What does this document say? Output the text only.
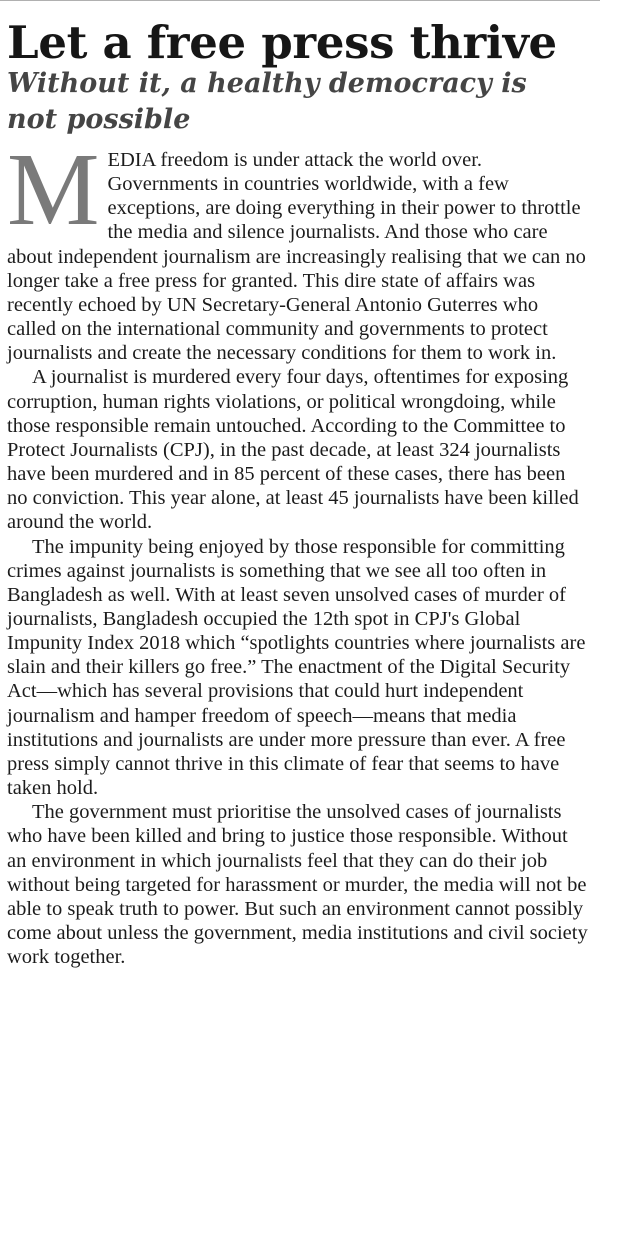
Let a free press thrive
Without it, a healthy democracy is not possible

MEDIA freedom is under attack the world over. Governments in countries worldwide, with a few exceptions, are doing everything in their power to throttle the media and silence journalists. And those who care about independent journalism are increasingly realising that we can no longer take a free press for granted. This dire state of affairs was recently echoed by UN Secretary-General Antonio Guterres who called on the international community and governments to protect journalists and create the necessary conditions for them to work in.

A journalist is murdered every four days, oftentimes for exposing corruption, human rights violations, or political wrongdoing, while those responsible remain untouched. According to the Committee to Protect Journalists (CPJ), in the past decade, at least 324 journalists have been murdered and in 85 percent of these cases, there has been no conviction. This year alone, at least 45 journalists have been killed around the world.

The impunity being enjoyed by those responsible for committing crimes against journalists is something that we see all too often in Bangladesh as well. With at least seven unsolved cases of murder of journalists, Bangladesh occupied the 12th spot in CPJ's Global Impunity Index 2018 which “spotlights countries where journalists are slain and their killers go free.” The enactment of the Digital Security Act—which has several provisions that could hurt independent journalism and hamper freedom of speech—means that media institutions and journalists are under more pressure than ever. A free press simply cannot thrive in this climate of fear that seems to have taken hold.

The government must prioritise the unsolved cases of journalists who have been killed and bring to justice those responsible. Without an environment in which journalists feel that they can do their job without being targeted for harassment or murder, the media will not be able to speak truth to power. But such an environment cannot possibly come about unless the government, media institutions and civil society work together.
